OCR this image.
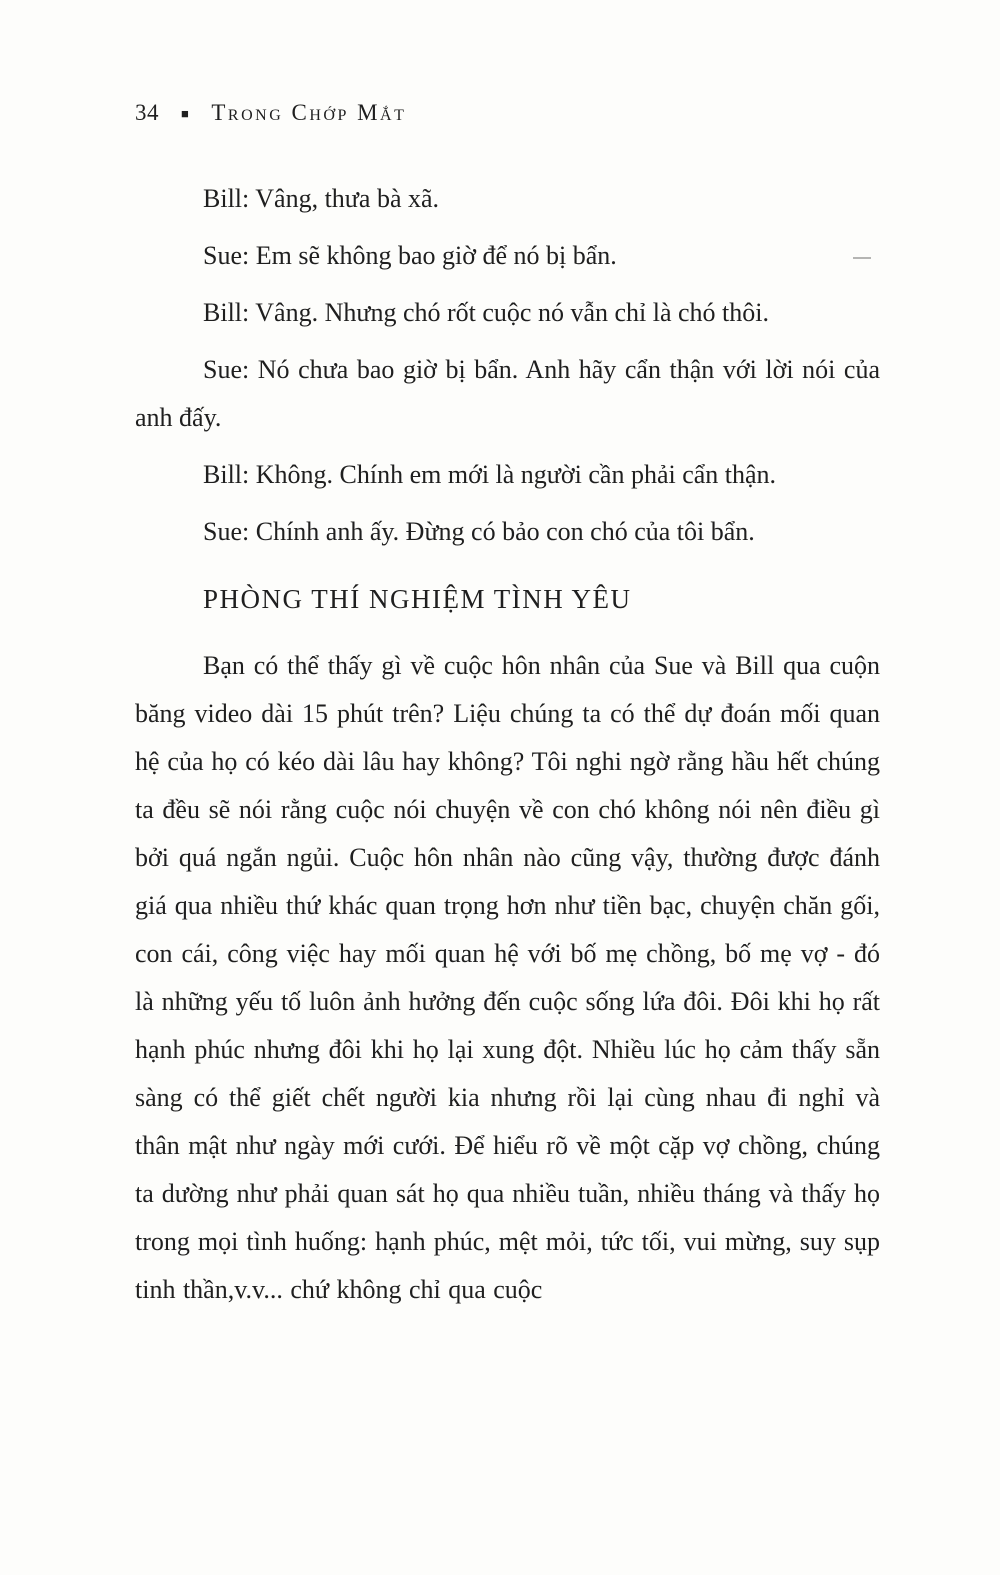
34 ■ Trong Chớp Mắt

Bill: Vâng, thưa bà xã.

Sue: Em sẽ không bao giờ để nó bị bẩn.

Bill: Vâng. Nhưng chó rốt cuộc nó vẫn chỉ là chó thôi.

Sue: Nó chưa bao giờ bị bẩn. Anh hãy cẩn thận với lời nói của anh đấy.

Bill: Không. Chính em mới là người cần phải cẩn thận.

Sue: Chính anh ấy. Đừng có bảo con chó của tôi bẩn.

PHÒNG THÍ NGHIỆM TÌNH YÊU

Bạn có thể thấy gì về cuộc hôn nhân của Sue và Bill qua cuộn băng video dài 15 phút trên? Liệu chúng ta có thể dự đoán mối quan hệ của họ có kéo dài lâu hay không? Tôi nghi ngờ rằng hầu hết chúng ta đều sẽ nói rằng cuộc nói chuyện về con chó không nói nên điều gì bởi quá ngắn ngủi. Cuộc hôn nhân nào cũng vậy, thường được đánh giá qua nhiều thứ khác quan trọng hơn như tiền bạc, chuyện chăn gối, con cái, công việc hay mối quan hệ với bố mẹ chồng, bố mẹ vợ - đó là những yếu tố luôn ảnh hưởng đến cuộc sống lứa đôi. Đôi khi họ rất hạnh phúc nhưng đôi khi họ lại xung đột. Nhiều lúc họ cảm thấy sẵn sàng có thể giết chết người kia nhưng rồi lại cùng nhau đi nghỉ và thân mật như ngày mới cưới. Để hiểu rõ về một cặp vợ chồng, chúng ta dường như phải quan sát họ qua nhiều tuần, nhiều tháng và thấy họ trong mọi tình huống: hạnh phúc, mệt mỏi, tức tối, vui mừng, suy sụp tinh thần,v.v... chứ không chỉ qua cuộc
